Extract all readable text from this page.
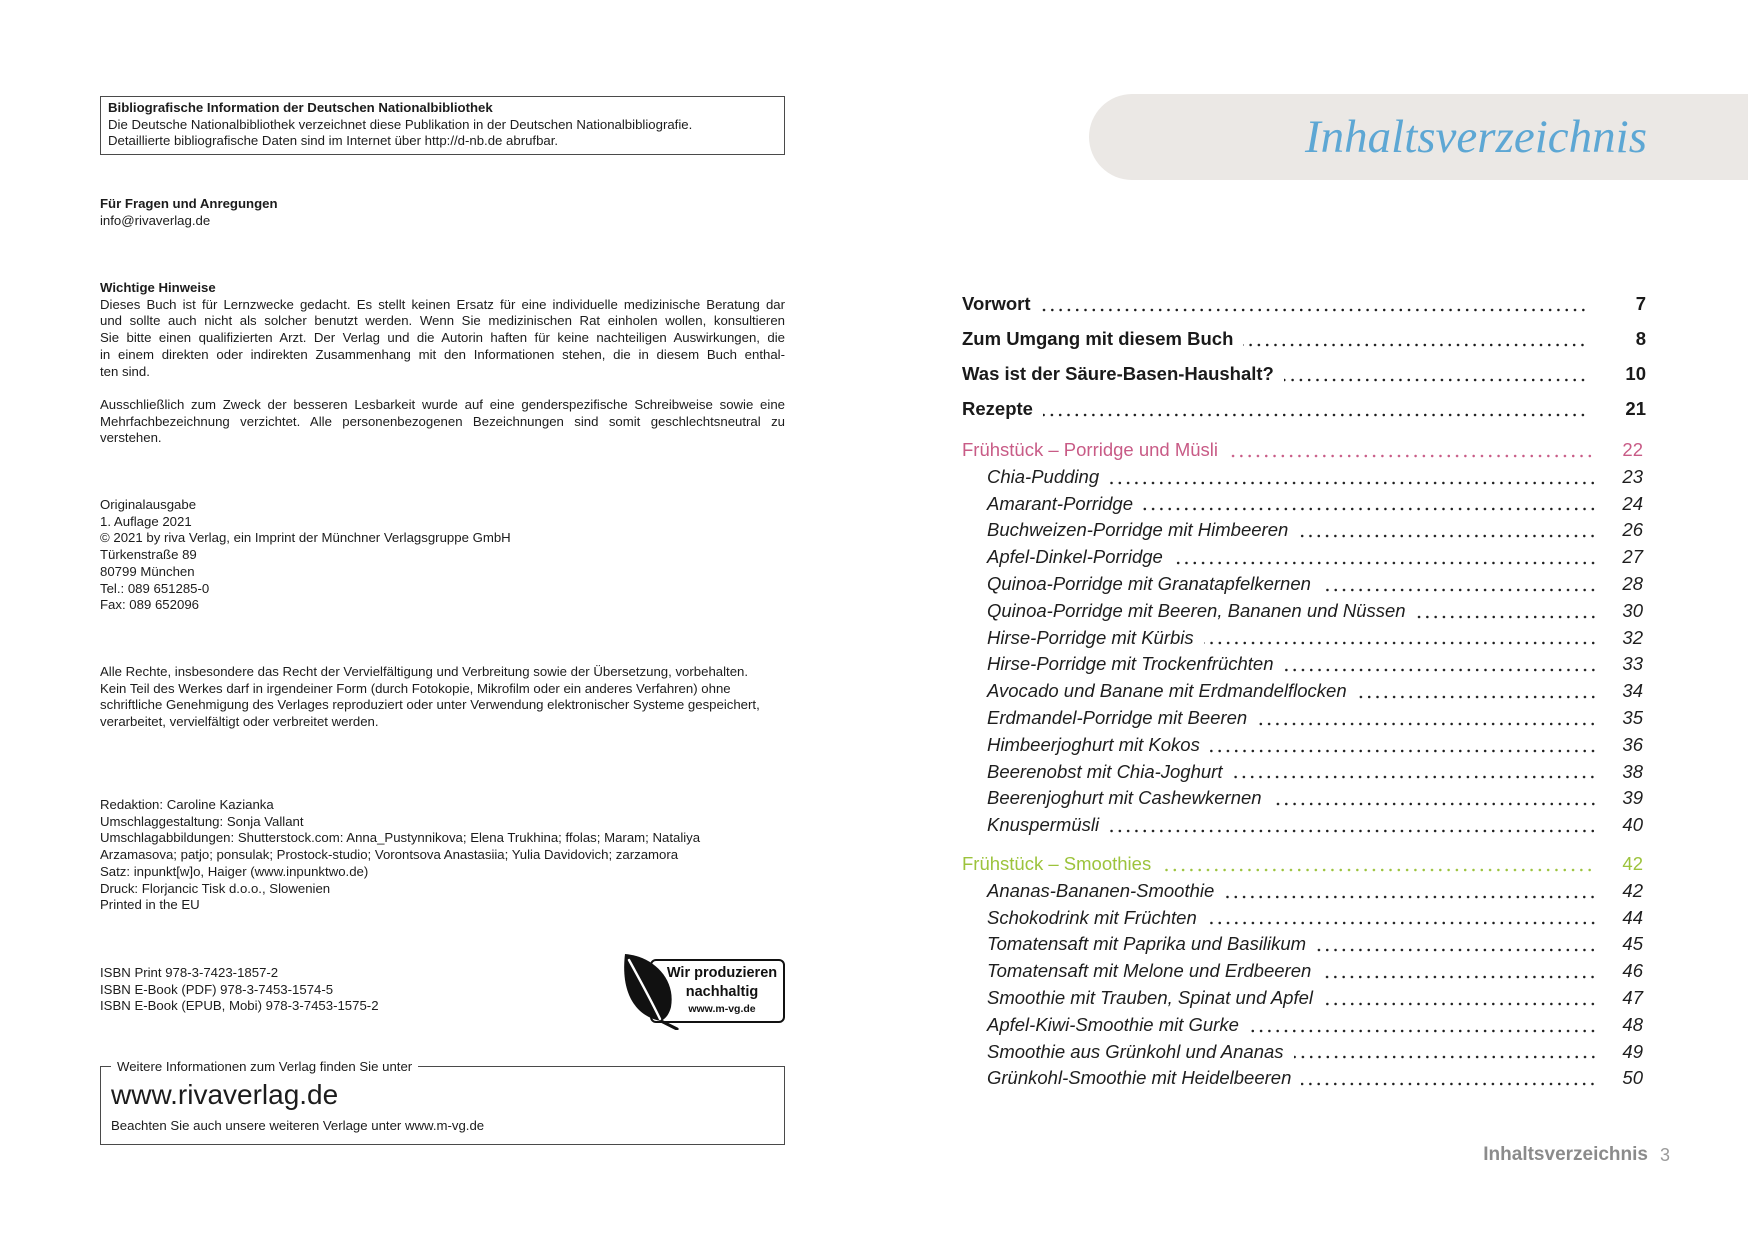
Bibliografische Information der Deutschen Nationalbibliothek
Die Deutsche Nationalbibliothek verzeichnet diese Publikation in der Deutschen Nationalbibliografie.
Detaillierte bibliografische Daten sind im Internet über http://d-nb.de abrufbar.
Für Fragen und Anregungen
info@rivaverlag.de
Wichtige Hinweise
Dieses Buch ist für Lernzwecke gedacht. Es stellt keinen Ersatz für eine individuelle medizinische Beratung dar
und sollte auch nicht als solcher benutzt werden. Wenn Sie medizinischen Rat einholen wollen, konsultieren
Sie bitte einen qualifizierten Arzt. Der Verlag und die Autorin haften für keine nachteiligen Auswirkungen, die
in einem direkten oder indirekten Zusammenhang mit den Informationen stehen, die in diesem Buch enthal-
ten sind.
Ausschließlich zum Zweck der besseren Lesbarkeit wurde auf eine genderspezifische Schreibweise sowie eine
Mehrfachbezeichnung verzichtet. Alle personenbezogenen Bezeichnungen sind somit geschlechtsneutral zu
verstehen.
Originalausgabe
1. Auflage 2021
© 2021 by riva Verlag, ein Imprint der Münchner Verlagsgruppe GmbH
Türkenstraße 89
80799 München
Tel.: 089 651285-0
Fax: 089 652096
Alle Rechte, insbesondere das Recht der Vervielfältigung und Verbreitung sowie der Übersetzung, vorbehalten.
Kein Teil des Werkes darf in irgendeiner Form (durch Fotokopie, Mikrofilm oder ein anderes Verfahren) ohne
schriftliche Genehmigung des Verlages reproduziert oder unter Verwendung elektronischer Systeme gespeichert,
verarbeitet, vervielfältigt oder verbreitet werden.
Redaktion: Caroline Kazianka
Umschlaggestaltung: Sonja Vallant
Umschlagabbildungen: Shutterstock.com: Anna_Pustynnikova; Elena Trukhina; ffolas; Maram; Nataliya
Arzamasova; patjo; ponsulak; Prostock-studio; Vorontsova Anastasiia; Yulia Davidovich; zarzamora
Satz: inpunkt[w]o, Haiger (www.inpunktwo.de)
Druck: Florjancic Tisk d.o.o., Slowenien
Printed in the EU
ISBN Print 978-3-7423-1857-2
ISBN E-Book (PDF) 978-3-7453-1574-5
ISBN E-Book (EPUB, Mobi) 978-3-7453-1575-2
Wir produzieren
nachhaltig
www.m-vg.de
Weitere Informationen zum Verlag finden Sie unter
www.rivaverlag.de
Beachten Sie auch unsere weiteren Verlage unter www.m-vg.de
Inhaltsverzeichnis
Vorwort	7
Zum Umgang mit diesem Buch	8
Was ist der Säure-Basen-Haushalt?	10
Rezepte	21
Frühstück – Porridge und Müsli	22
Chia-Pudding	23
Amarant-Porridge	24
Buchweizen-Porridge mit Himbeeren	26
Apfel-Dinkel-Porridge	27
Quinoa-Porridge mit Granatapfelkernen	28
Quinoa-Porridge mit Beeren, Bananen und Nüssen	30
Hirse-Porridge mit Kürbis	32
Hirse-Porridge mit Trockenfrüchten	33
Avocado und Banane mit Erdmandelflocken	34
Erdmandel-Porridge mit Beeren	35
Himbeerjoghurt mit Kokos	36
Beerenobst mit Chia-Joghurt	38
Beerenjoghurt mit Cashewkernen	39
Knuspermüsli	40
Frühstück – Smoothies	42
Ananas-Bananen-Smoothie	42
Schokodrink mit Früchten	44
Tomatensaft mit Paprika und Basilikum	45
Tomatensaft mit Melone und Erdbeeren	46
Smoothie mit Trauben, Spinat und Apfel	47
Apfel-Kiwi-Smoothie mit Gurke	48
Smoothie aus Grünkohl und Ananas	49
Grünkohl-Smoothie mit Heidelbeeren	50
Inhaltsverzeichnis 3
